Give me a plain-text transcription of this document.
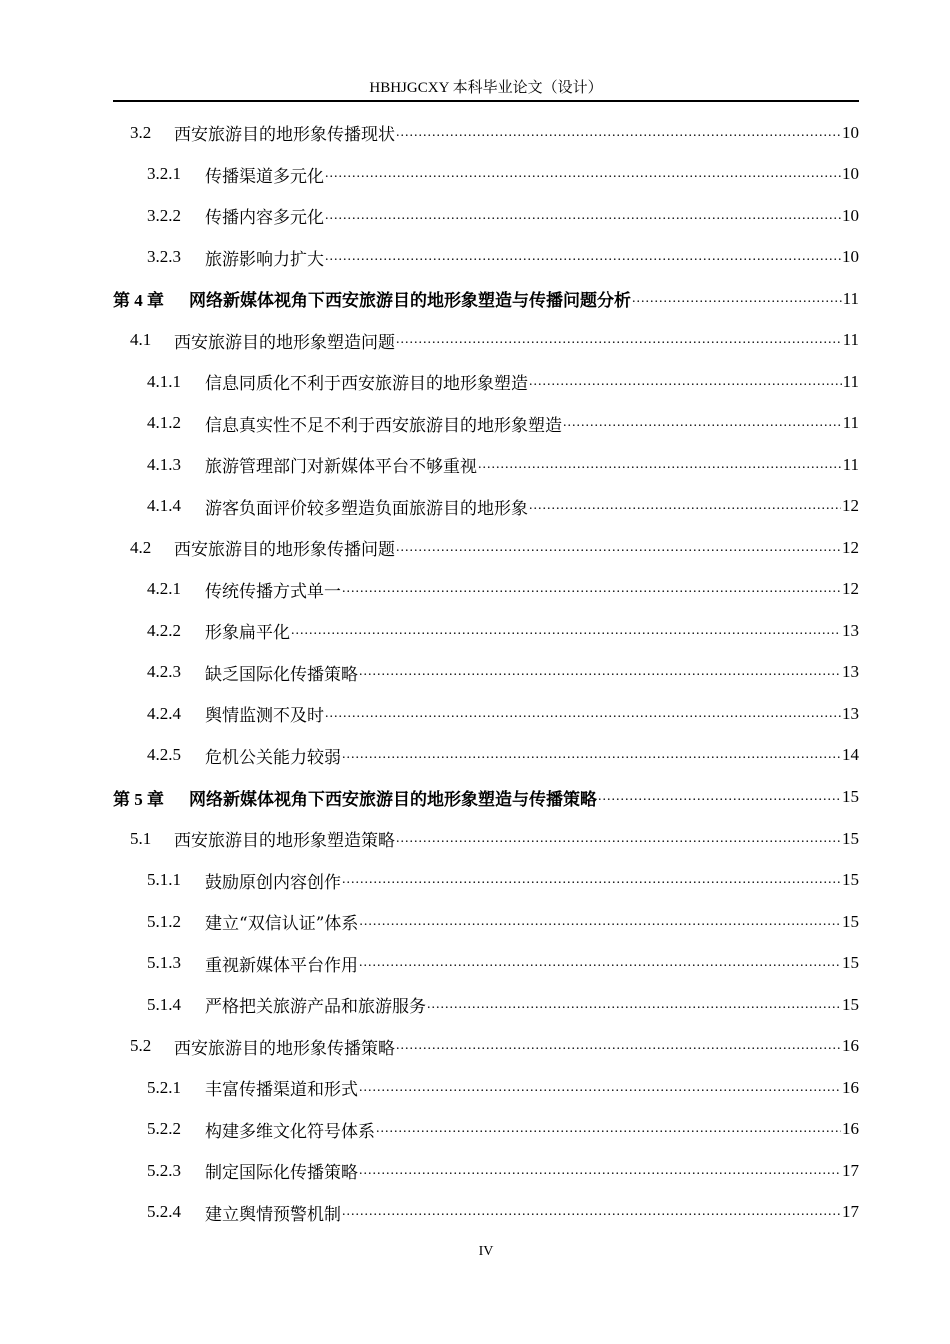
HBHJGCXY 本科毕业论文（设计）
3.2	西安旅游目的地形象传播现状 .....	10
3.2.1	传播渠道多元化 .....	10
3.2.2	传播内容多元化 .....	10
3.2.3	旅游影响力扩大 .....	10
第 4 章	网络新媒体视角下西安旅游目的地形象塑造与传播问题分析 .....	11
4.1	西安旅游目的地形象塑造问题 .....	11
4.1.1	信息同质化不利于西安旅游目的地形象塑造 .....	11
4.1.2	信息真实性不足不利于西安旅游目的地形象塑造 .....	11
4.1.3	旅游管理部门对新媒体平台不够重视 .....	11
4.1.4	游客负面评价较多塑造负面旅游目的地形象 .....	12
4.2	西安旅游目的地形象传播问题 .....	12
4.2.1	传统传播方式单一 .....	12
4.2.2	形象扁平化 .....	13
4.2.3	缺乏国际化传播策略 .....	13
4.2.4	舆情监测不及时 .....	13
4.2.5	危机公关能力较弱 .....	14
第 5 章	网络新媒体视角下西安旅游目的地形象塑造与传播策略 .....	15
5.1	西安旅游目的地形象塑造策略 .....	15
5.1.1	鼓励原创内容创作 .....	15
5.1.2	建立“双信认证”体系 .....	15
5.1.3	重视新媒体平台作用 .....	15
5.1.4	严格把关旅游产品和旅游服务 .....	15
5.2	西安旅游目的地形象传播策略 .....	16
5.2.1	丰富传播渠道和形式 .....	16
5.2.2	构建多维文化符号体系 .....	16
5.2.3	制定国际化传播策略 .....	17
5.2.4	建立舆情预警机制 .....	17
IV
